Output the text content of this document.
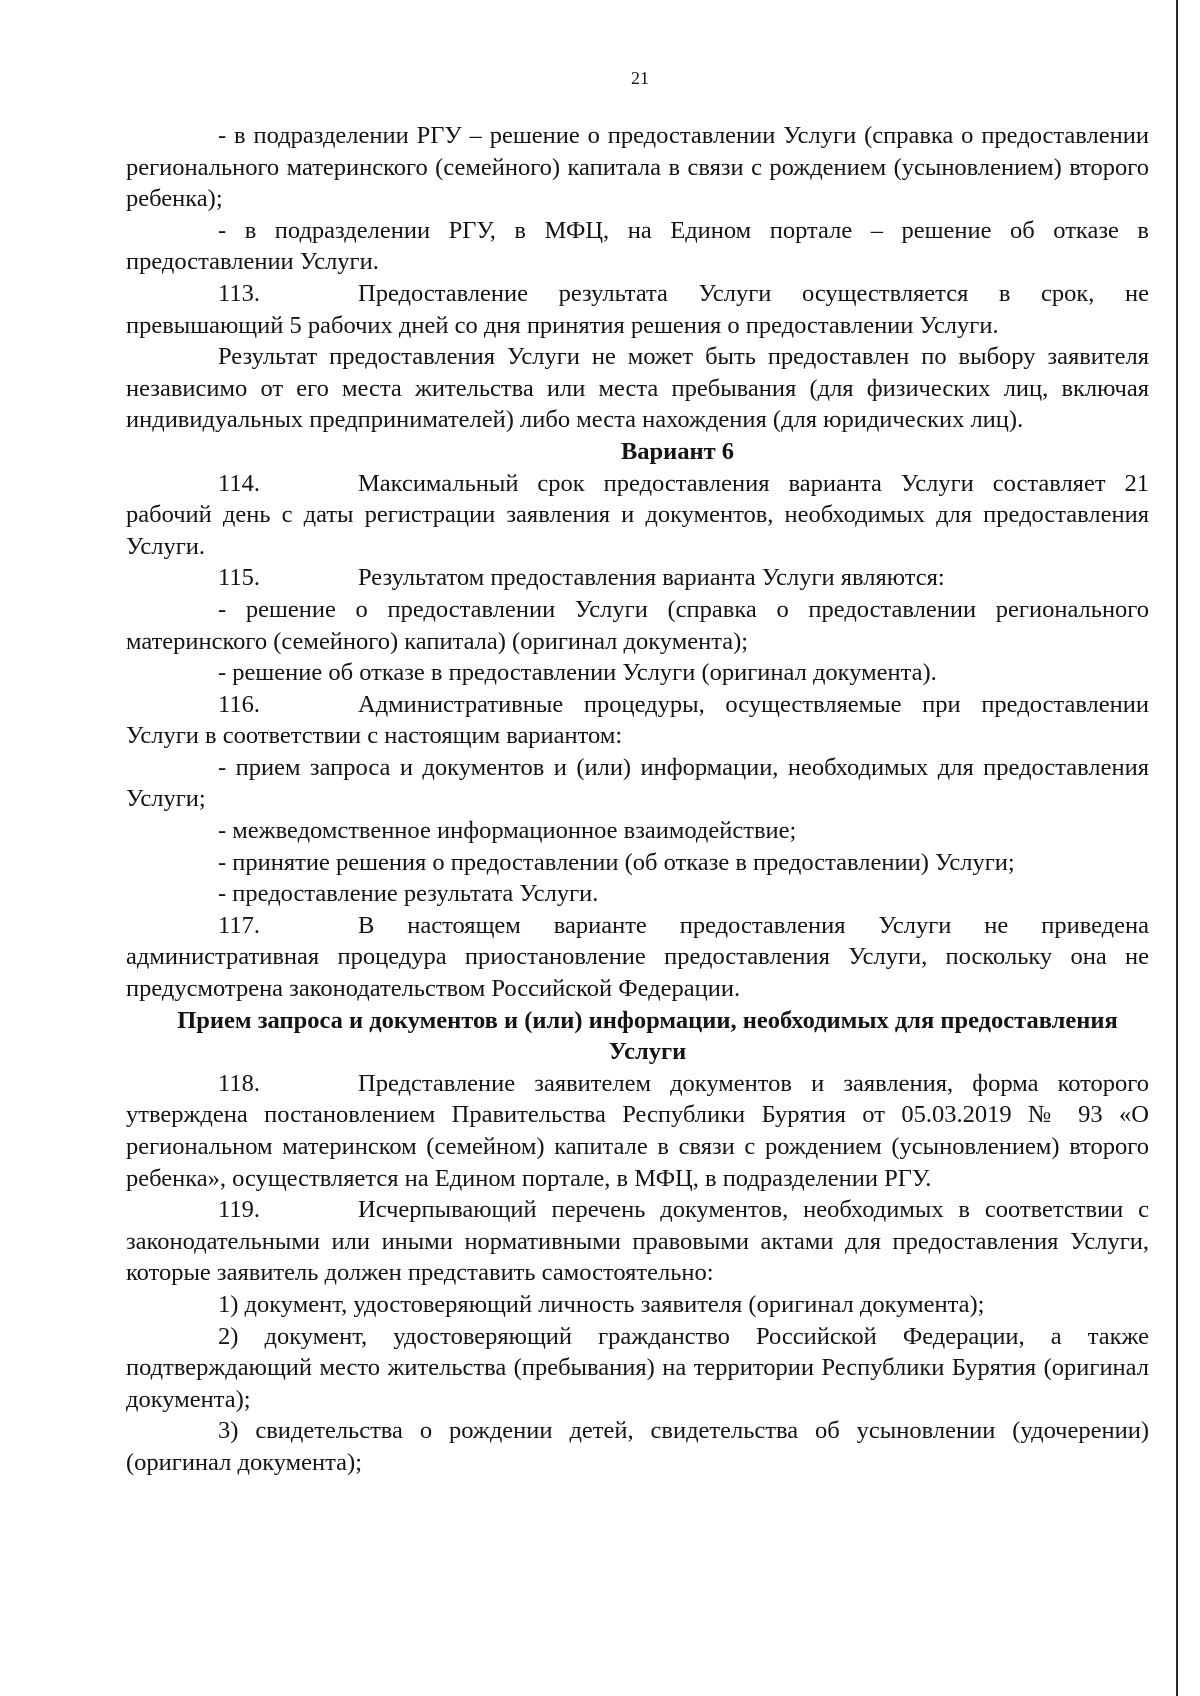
21

- в подразделении РГУ – решение о предоставлении Услуги (справка о предоставлении регионального материнского (семейного) капитала в связи с рождением (усыновлением) второго ребенка);

- в подразделении РГУ, в МФЦ, на Едином портале – решение об отказе в предоставлении Услуги.

113.	Предоставление результата Услуги осуществляется в срок, не превышающий 5 рабочих дней со дня принятия решения о предоставлении Услуги.

Результат предоставления Услуги не может быть предоставлен по выбору заявителя независимо от его места жительства или места пребывания (для физических лиц, включая индивидуальных предпринимателей) либо места нахождения (для юридических лиц).

Вариант 6

114.	Максимальный срок предоставления варианта Услуги составляет 21 рабочий день с даты регистрации заявления и документов, необходимых для предоставления Услуги.

115.	Результатом предоставления варианта Услуги являются:

- решение о предоставлении Услуги (справка о предоставлении регионального материнского (семейного) капитала) (оригинал документа);

- решение об отказе в предоставлении Услуги (оригинал документа).

116.	Административные процедуры, осуществляемые при предоставлении Услуги в соответствии с настоящим вариантом:

- прием запроса и документов и (или) информации, необходимых для предоставления Услуги;

- межведомственное информационное взаимодействие;

- принятие решения о предоставлении (об отказе в предоставлении) Услуги;

- предоставление результата Услуги.

117.	В настоящем варианте предоставления Услуги не приведена административная процедура приостановление предоставления Услуги, поскольку она не предусмотрена законодательством Российской Федерации.

Прием запроса и документов и (или) информации, необходимых для предоставления Услуги

118.	Представление заявителем документов и заявления, форма которого утверждена постановлением Правительства Республики Бурятия от 05.03.2019 № 93 «О региональном материнском (семейном) капитале в связи с рождением (усыновлением) второго ребенка», осуществляется на Едином портале, в МФЦ, в подразделении РГУ.

119.	Исчерпывающий перечень документов, необходимых в соответствии с законодательными или иными нормативными правовыми актами для предоставления Услуги, которые заявитель должен представить самостоятельно:

1) документ, удостоверяющий личность заявителя (оригинал документа);

2) документ, удостоверяющий гражданство Российской Федерации, а также подтверждающий место жительства (пребывания) на территории Республики Бурятия (оригинал документа);

3) свидетельства о рождении детей, свидетельства об усыновлении (удочерении) (оригинал документа);
